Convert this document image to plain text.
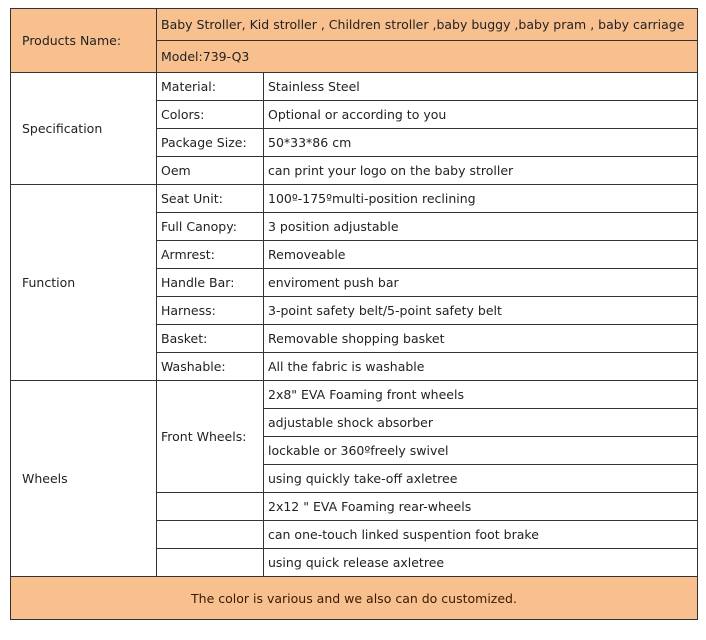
Products Name:	Baby Stroller, Kid stroller , Children stroller ,baby buggy ,baby pram , baby carriage	
	Model:739-Q3	
Specification	Material:	Stainless Steel
	Colors:	Optional or according to you
	Package Size:	50*33*86 cm
	Oem	can print your logo on the baby stroller
Function	Seat Unit:	100º-175ºmulti-position reclining
	Full Canopy:	3 position adjustable
	Armrest:	Removeable
	Handle Bar:	enviroment push bar
	Harness:	3-point safety belt/5-point safety belt
	Basket:	Removable shopping basket
	Washable:	All the fabric is washable
Wheels	Front Wheels:	2x8" EVA Foaming front wheels
		adjustable shock absorber
		lockable or 360ºfreely swivel
		using quickly take-off axletree
		2x12 " EVA Foaming rear-wheels
		can one-touch linked suspention foot brake
		using quick release axletree
The color is various and we also can do customized.		
